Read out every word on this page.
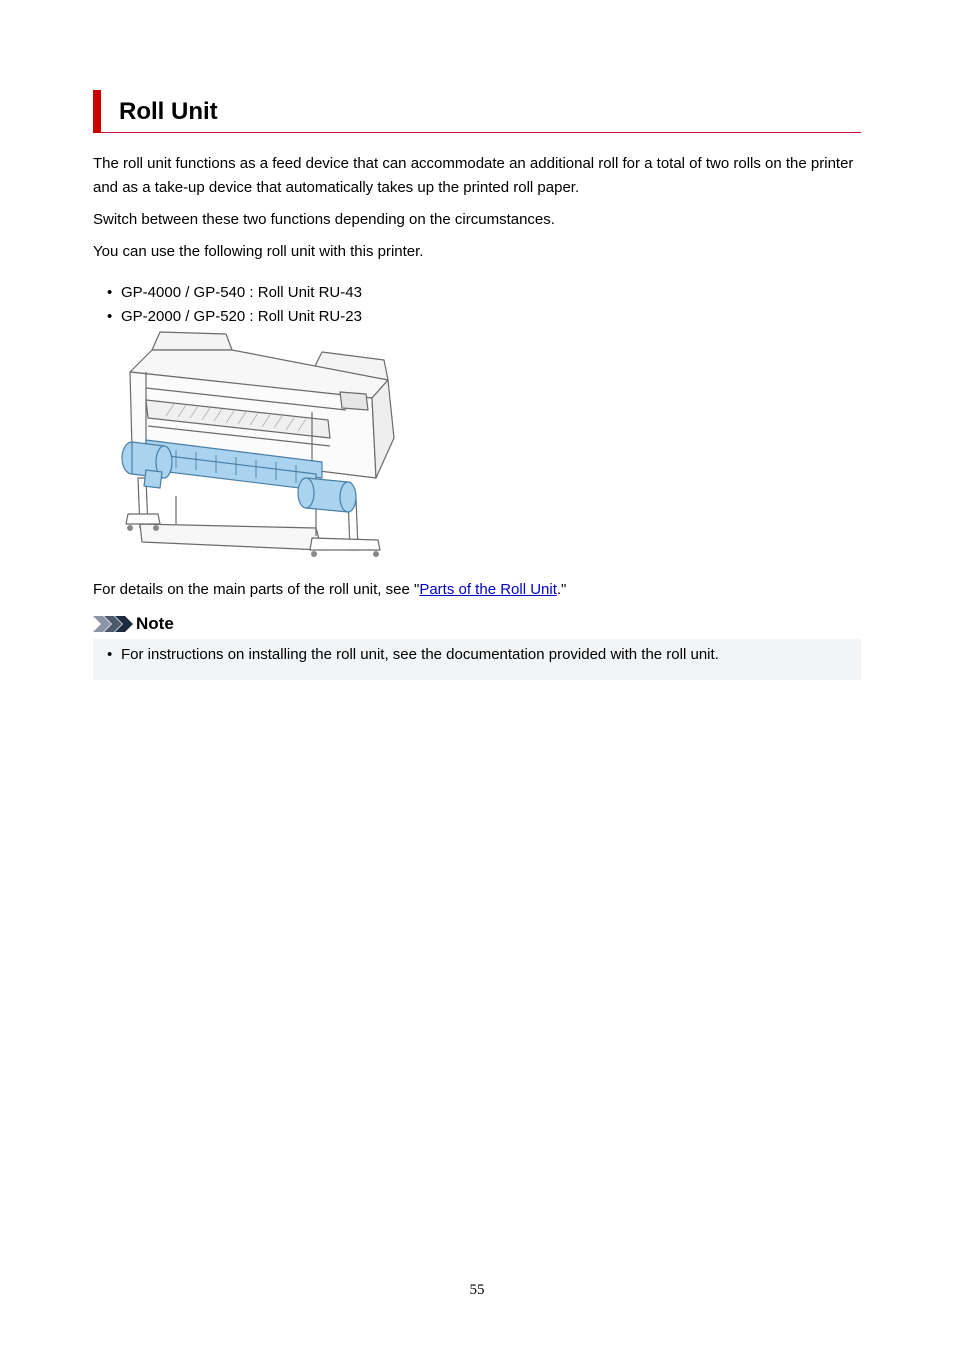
Roll Unit

The roll unit functions as a feed device that can accommodate an additional roll for a total of two rolls on the printer and as a take-up device that automatically takes up the printed roll paper.

Switch between these two functions depending on the circumstances.

You can use the following roll unit with this printer.

• GP-4000 / GP-540 : Roll Unit RU-43
• GP-2000 / GP-520 : Roll Unit RU-23

For details on the main parts of the roll unit, see "Parts of the Roll Unit."

Note
• For instructions on installing the roll unit, see the documentation provided with the roll unit.
55
